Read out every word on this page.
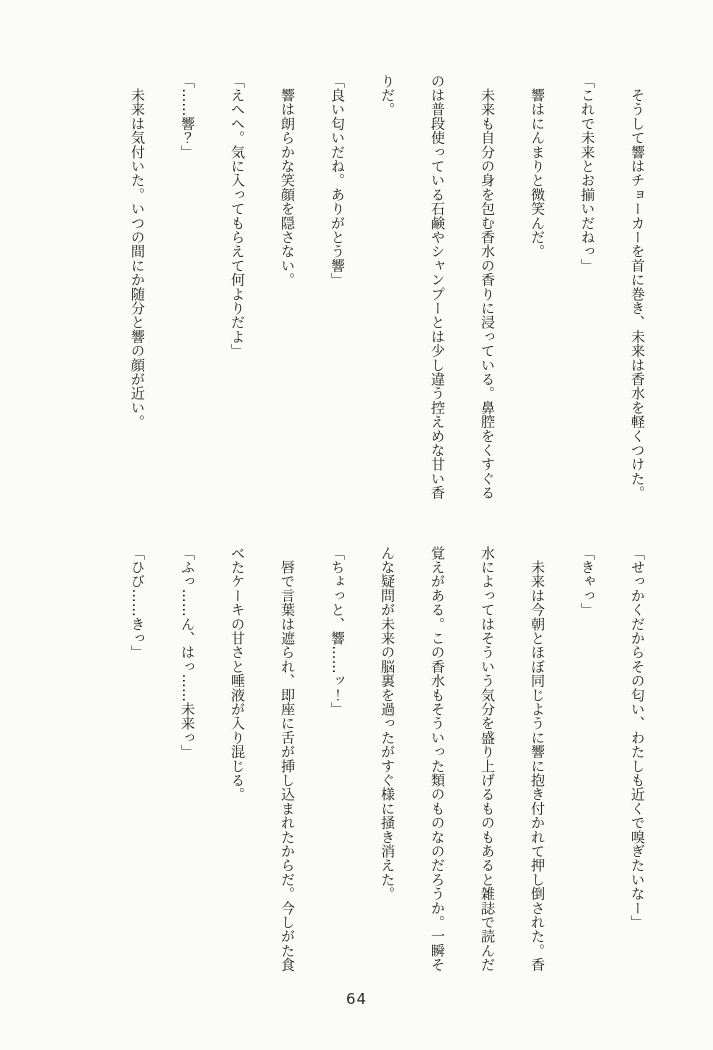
　そうして響はチョーカーを首に巻き、未来は香水を軽くつけた。

「これで未来とお揃いだねっ」

　響はにんまりと微笑んだ。

　未来も自分の身を包む香水の香りに浸っている。鼻腔をくすぐる

のは普段使っている石鹸やシャンプーとは少し違う控えめな甘い香

りだ。

「良い匂いだね。ありがとう響」

　響は朗らかな笑顔を隠さない。

「えへへ。気に入ってもらえて何よりだよ」

「……響？」

　未来は気付いた。いつの間にか随分と響の顔が近い。

「せっかくだからその匂い、わたしも近くで嗅ぎたいなー」

「きゃっ」

　未来は今朝とほぼ同じように響に抱き付かれて押し倒された。香

水によってはそういう気分を盛り上げるものもあると雑誌で読んだ

覚えがある。この香水もそういった類のものなのだろうか。一瞬そ

んな疑問が未来の脳裏を過ったがすぐ様に掻き消えた。

「ちょっと、響……ッ！」

　唇で言葉は遮られ、即座に舌が挿し込まれたからだ。今しがた食

べたケーキの甘さと唾液が入り混じる。

「ふっ……ん、はっ……未来っ」

「ひび……きっ」

64
